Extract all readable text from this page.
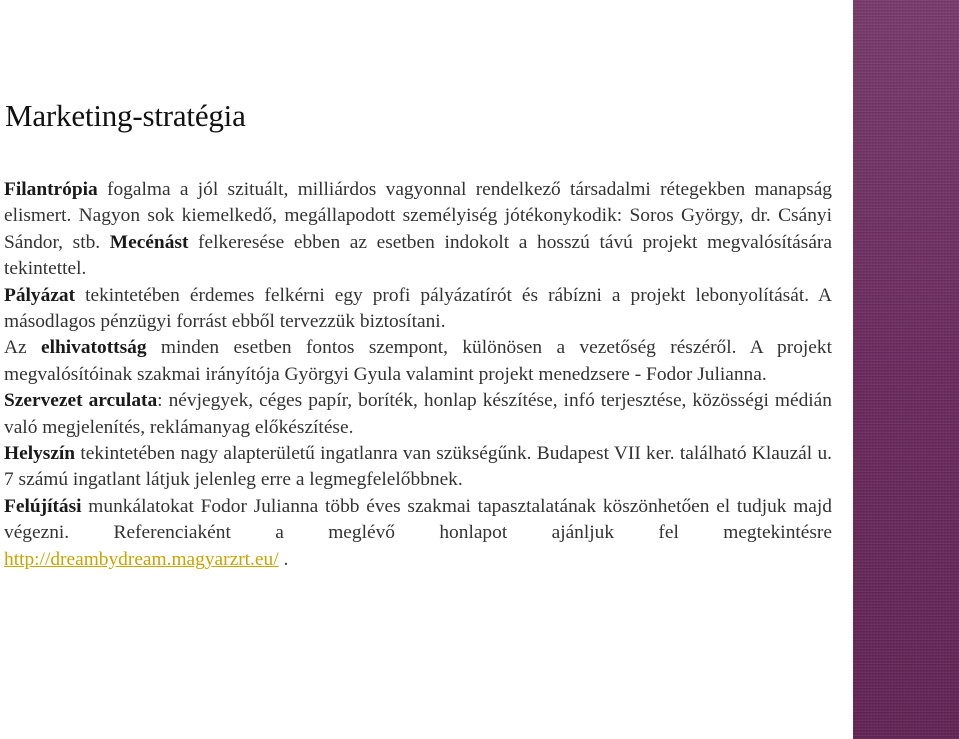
Marketing-stratégia

Filantrópia fogalma a jól szituált, milliárdos vagyonnal rendelkező társadalmi rétegekben manapság elismert. Nagyon sok kiemelkedő, megállapodott személyiség jótékonykodik: Soros György, dr. Csányi Sándor, stb. Mecénást felkeresése ebben az esetben indokolt a hosszú távú projekt megvalósítására tekintettel.

Pályázat tekintetében érdemes felkérni egy profi pályázatírót és rábízni a projekt lebonyolítását. A másodlagos pénzügyi forrást ebből tervezzük biztosítani.

Az elhivatottság minden esetben fontos szempont, különösen a vezetőség részéről. A projekt megvalósítóinak szakmai irányítója Györgyi Gyula valamint projekt menedzsere - Fodor Julianna.

Szervezet arculata: névjegyek, céges papír, boríték, honlap készítése, infó terjesztése, közösségi médián való megjelenítés, reklámanyag előkészítése.

Helyszín tekintetében nagy alapterületű ingatlanra van szükségűnk. Budapest VII ker. található Klauzál u. 7 számú ingatlant látjuk jelenleg erre a legmegfelelőbbnek.

Felújítási munkálatokat Fodor Julianna több éves szakmai tapasztalatának köszönhetően el tudjuk majd végezni. Referenciaként a meglévő honlapot ajánljuk fel megtekintésre http://dreambydream.magyarzrt.eu/ .
